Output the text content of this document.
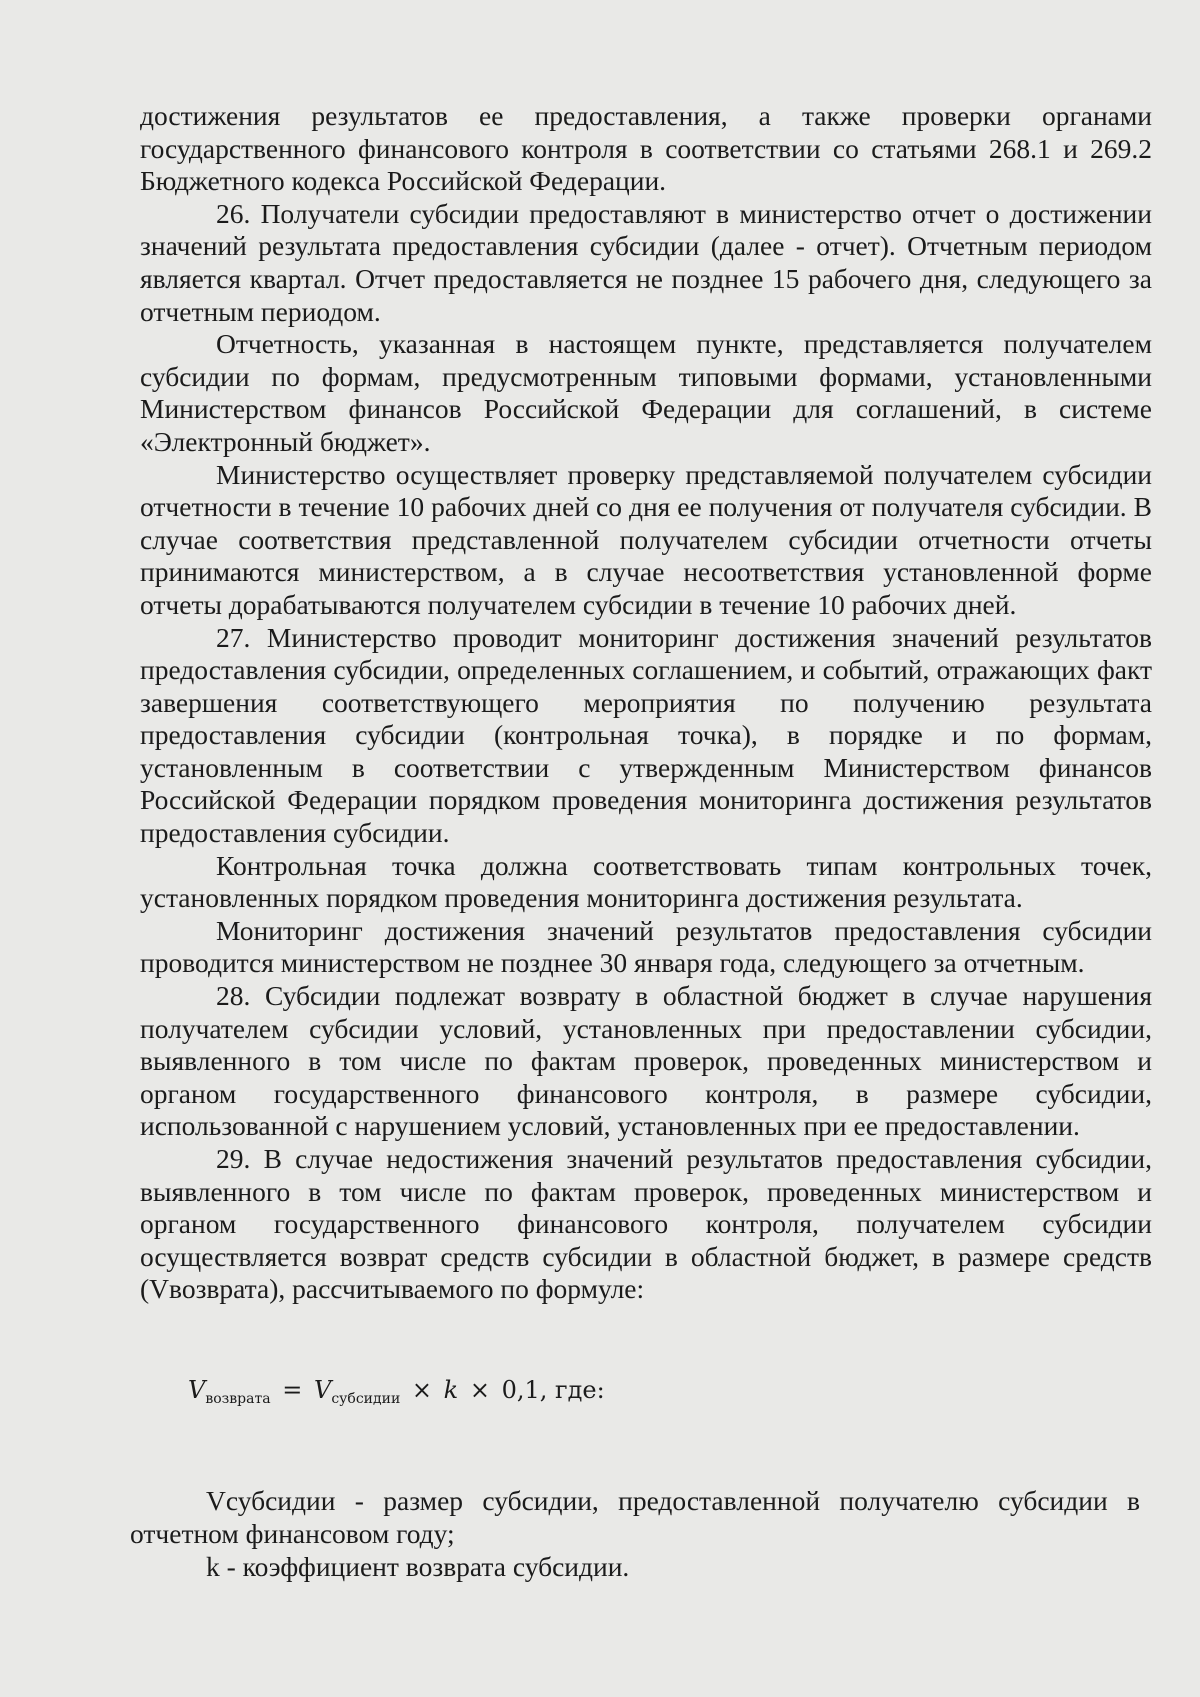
достижения результатов ее предоставления, а также проверки органами государственного финансового контроля в соответствии со статьями 268.1 и 269.2 Бюджетного кодекса Российской Федерации.

26. Получатели субсидии предоставляют в министерство отчет о достижении значений результата предоставления субсидии (далее - отчет). Отчетным периодом является квартал. Отчет предоставляется не позднее 15 рабочего дня, следующего за отчетным периодом.

Отчетность, указанная в настоящем пункте, представляется получателем субсидии по формам, предусмотренным типовыми формами, установленными Министерством финансов Российской Федерации для соглашений, в системе «Электронный бюджет».

Министерство осуществляет проверку представляемой получателем субсидии отчетности в течение 10 рабочих дней со дня ее получения от получателя субсидии. В случае соответствия представленной получателем субсидии отчетности отчеты принимаются министерством, а в случае несоответствия установленной форме отчеты дорабатываются получателем субсидии в течение 10 рабочих дней.

27. Министерство проводит мониторинг достижения значений результатов предоставления субсидии, определенных соглашением, и событий, отражающих факт завершения соответствующего мероприятия по получению результата предоставления субсидии (контрольная точка), в порядке и по формам, установленным в соответствии с утвержденным Министерством финансов Российской Федерации порядком проведения мониторинга достижения результатов предоставления субсидии.

Контрольная точка должна соответствовать типам контрольных точек, установленных порядком проведения мониторинга достижения результата.

Мониторинг достижения значений результатов предоставления субсидии проводится министерством не позднее 30 января года, следующего за отчетным.

28. Субсидии подлежат возврату в областной бюджет в случае нарушения получателем субсидии условий, установленных при предоставлении субсидии, выявленного в том числе по фактам проверок, проведенных министерством и органом государственного финансового контроля, в размере субсидии, использованной с нарушением условий, установленных при ее предоставлении.

29. В случае недостижения значений результатов предоставления субсидии, выявленного в том числе по фактам проверок, проведенных министерством и органом государственного финансового контроля, получателем субсидии осуществляется возврат средств субсидии в областной бюджет, в размере средств (Vвозврата), рассчитываемого по формуле:

$V_{возврата} = V_{субсидии} \times k \times 0,1$, где:

Vсубсидии - размер субсидии, предоставленной получателю субсидии в отчетном финансовом году;

k - коэффициент возврата субсидии.
